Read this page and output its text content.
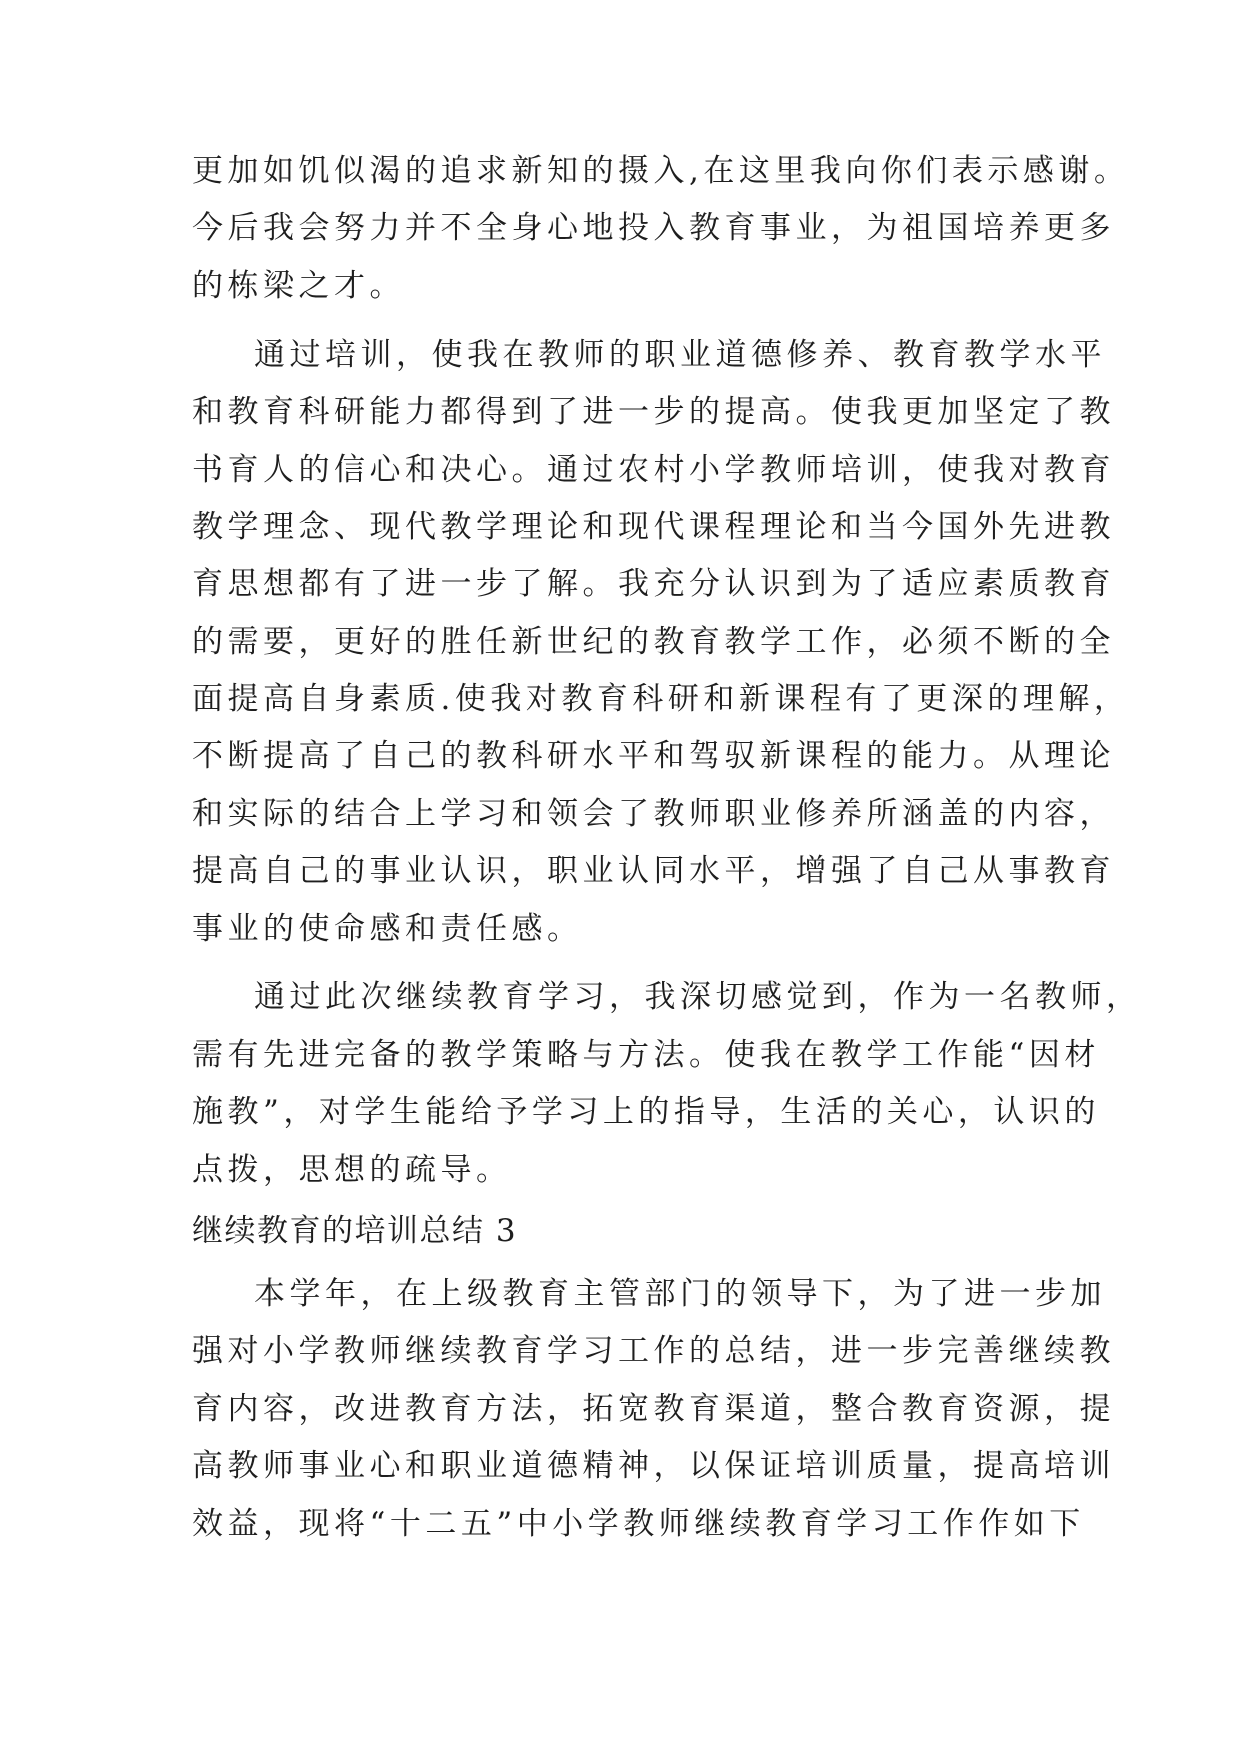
更加如饥似渴的追求新知的摄入,在这里我向你们表示感谢。
今后我会努力并不全身心地投入教育事业，为祖国培养更多
的栋梁之才。
通过培训，使我在教师的职业道德修养、教育教学水平
和教育科研能力都得到了进一步的提高。使我更加坚定了教
书育人的信心和决心。通过农村小学教师培训，使我对教育
教学理念、现代教学理论和现代课程理论和当今国外先进教
育思想都有了进一步了解。我充分认识到为了适应素质教育
的需要，更好的胜任新世纪的教育教学工作，必须不断的全
面提高自身素质.使我对教育科研和新课程有了更深的理解，
不断提高了自己的教科研水平和驾驭新课程的能力。从理论
和实际的结合上学习和领会了教师职业修养所涵盖的内容，
提高自己的事业认识，职业认同水平，增强了自己从事教育
事业的使命感和责任感。
通过此次继续教育学习，我深切感觉到，作为一名教师，
需有先进完备的教学策略与方法。使我在教学工作能“因材
施教”，对学生能给予学习上的指导，生活的关心，认识的
点拨，思想的疏导。
继续教育的培训总结 3
本学年，在上级教育主管部门的领导下，为了进一步加
强对小学教师继续教育学习工作的总结，进一步完善继续教
育内容，改进教育方法，拓宽教育渠道，整合教育资源，提
高教师事业心和职业道德精神，以保证培训质量，提高培训
效益，现将“十二五”中小学教师继续教育学习工作作如下
